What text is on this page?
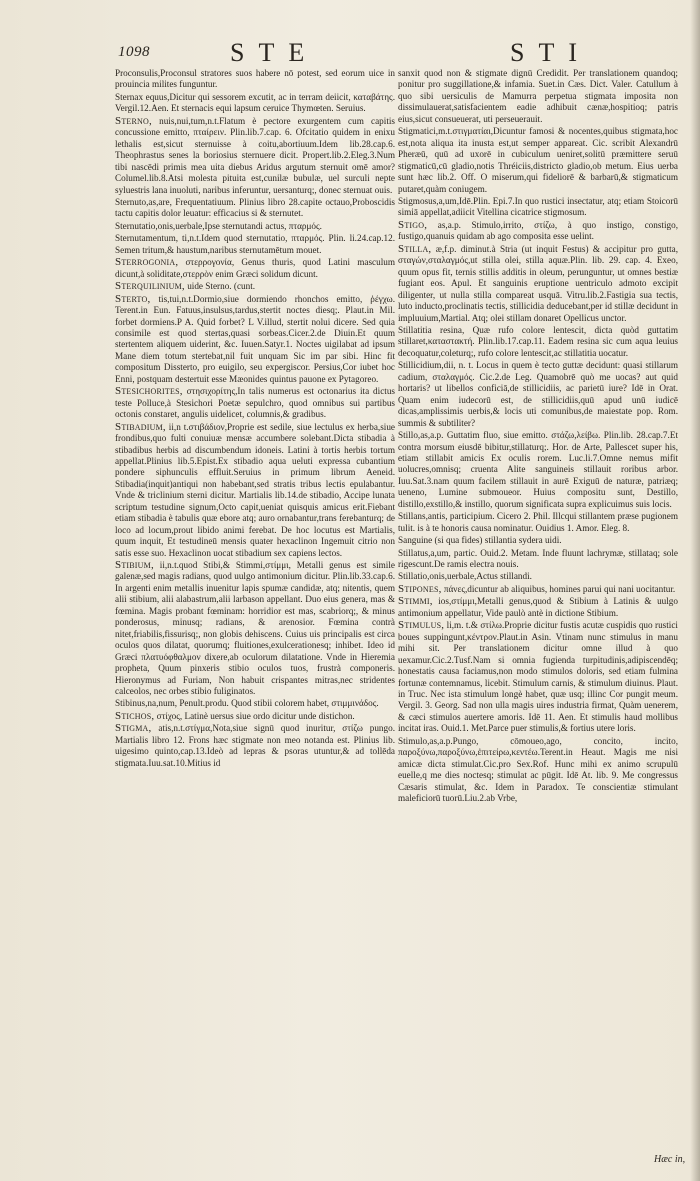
1098	STE	STI
Proconsulis,Proconsul stratores suos habere nō potest, sed eorum uice in prouincia milites funguntur.
Sternax equus,Dicitur qui sessorem excutit, ac in terram deiicit, καταβάτης. Vergil.12.Aen. Et sternacis equi lapsum ceruice Thymœten. Seruius.
Sterno, nuis,nui,tum,n.t.Flatum è pectore exurgentem cum capitis concussione emitto, πταίρειν. Plin.lib.7.cap. 6. Ofcitatio quidem in enixu lethalis est,sicut sternuisse à coitu,abortiuum.Idem lib.28.cap.6. Theophrastus senes la boriosius sternuere dicit. Propert.lib.2.Eleg.3.Num tibi nascēdi primis mea uita diebus Aridus argutum sternuit omē amor? Columel.lib.8.Atsi molesta pituita est,cunilæ bubulæ, uel surculi nepte syluestris lana inuoluti, naribus inferuntur, uersanturq;, donec sternuat ouis.
Sternuto,as,are, Frequentatiuum. Plinius libro 28.capite octauo,Proboscidis tactu capitis dolor leuatur: efficacius si & sternutet.
Sternutatio,onis,uerbale,Ipse sternutandi actus, πταρμός.
Sternutamentum, ti,n.t.Idem quod sternutatio, πταρμός. Plin. li.24.cap.12. Semen tritum,& haustum,naribus sternutamētum mouet.
Sterrogonia, στερρογονία, Genus thuris, quod Latini masculum dicunt,à soliditate,στερρὸν enim Græci solidum dicunt.
Sterquilinium, uide Sterno. (cunt.
Sterto, tis,tui,n.t.Dormio,siue dormiendo rhonchos emitto, ῥέγχω. Terent.in Eun. Fatuus,insulsus,tardus,stertit noctes diesq;. Plaut.in Mil. forbet dormiens.P A. Quid forbet? L V.illud, stertit nolui dicere. Sed quia consimile est quod stertas,quasi sorbeas.Cicer.2.de Diuin.Et quum stertentem aliquem uiderint, &c. Iuuen.Satyr.1. Noctes uigilabat ad ipsum Mane diem totum stertebat,nil fuit unquam Sic im par sibi. Hinc fit compositum Dissterto, pro euigilo, seu expergiscor. Persius,Cor iubet hoc Enni, postquam destertuit esse Mæonides quintus pauone ex Pytagoreo.
Stesichorites, στησιχορίτης,In talis numerus est octonarius ita dictus teste Polluce,à Stesichori Poetæ sepulchro, quod omnibus sui partibus octonis constaret, angulis uidelicet, columnis,& gradibus.
Stibadium, ii,n t.στιβάδιον,Proprie est sedile, siue lectulus ex herba,siue frondibus,quo fulti conuiuæ mensæ accumbere solebant.Dicta stibadia à stibadibus herbis ad discumbendum idoneis. Latini à tortis herbis tortum appellat.Plinius lib.5.Epist.Ex stibadio aqua ueluti expressa cubantium pondere siphunculis effluit.Seruius in primum librum Aeneid. Stibadia(inquit)antiqui non habebant,sed stratis tribus lectis epulabantur. Vnde & triclinium sterni dicitur. Martialis lib.14.de stibadio, Accipe lunata scriptum testudine signum,Octo capit,ueniat quisquis amicus erit.Fiebant etiam stibadia è tabulis quæ ebore atq; auro ornabantur,trans ferebanturq; de loco ad locum,prout libido animi ferebat. De hoc locutus est Martialis, quum inquit, Et testudineū mensis quater hexaclinon Ingemuit citrio non satis esse suo. Hexaclinon uocat stibadium sex capiens lectos.
Stibium, ii,n.t.quod Stibi,& Stimmi,στίμμι, Metalli genus est simile galenæ,sed magis radians, quod uulgo antimonium dicitur. Plin.lib.33.cap.6. In argenti enim metallis inuenitur lapis spumæ candidæ, atq; nitentis, quem alii stibium, alii alabastrum,alii larbason appellant. Duo eius genera, mas & fœmina. Magis probant fœminam: horridior est mas, scabriorq;, & minus ponderosus, minusq; radians, & arenosior. Fœmina contrà nitet,friabilis,fissurisq;, non globis dehiscens. Cuius uis principalis est circa oculos quos dilatat, quorumq; fluitiones,exulcerationesq; inhibet. Ideo id Græci πλατυόφθαλμον dixere,ab oculorum dilatatione. Vnde in Hieremia propheta, Quum pinxeris stibio oculos tuos, frustrà componeris. Hieronymus ad Furiam, Non habuit crispantes mitras,nec stridentes calceolos, nec orbes stibio fuliginatos.
Stibinus,na,num, Penult.produ. Quod stibii colorem habet, στιμμινάδος.
Stichos, στίχος, Latinè uersus siue ordo dicitur unde distichon.
Stigma, atis,n.t.στίγμα,Nota,siue signū quod inuritur, στίζω pungo. Martialis libro 12. Frons hæc stigmate non meo notanda est. Plinius lib. uigesimo quinto,cap.13.Ideò ad lepras & psoras utuntur,& ad tollēda stigmata.Iuu.sat.10.Mitius id
sanxit quod non & stigmate dignū Credidit. Per translationem quandoq; ponitur pro suggillatione,& infamia. Suet.in Cæs. Dict. Valer. Catullum à quo sibi uersiculis de Mamurra perpetua stigmata imposita non dissimulauerat,satisfacientem eadie adhibuit cænæ,hospitioq; patris eius,sicut consueuerat, uti perseuerauit.
Stigmatici,m.t.στιγματίαι,Dicuntur famosi & nocentes,quibus stigmata,hoc est,nota aliqua ita inusta est,ut semper appareat. Cic. scribit Alexandrū Pheræū, quū ad uxorē in cubiculum ueniret,solitū præmittere seruū stigmaticū,cū gladio,notis Thréiciis,districto gladio,ob metum. Eius uerba sunt hæc lib.2. Off. O miserum,qui fideliorē & barbarū,& stigmaticum putaret,quàm coniugem.
Stigmosus,a,um,Idē.Plin. Epi.7.In quo rustici insectatur, atq; etiam Stoicorū simiā appellat,adiicit Vitellina cicatrice stigmosum.
Stigo, as,a.p. Stimulo,irrito, στίζω, à quo instigo, constigo, fustigo,quanuis quidam ab ago composita esse uelint.
Stilla, æ,f.p. diminut.à Stria (ut inquit Festus) & accipitur pro gutta, σταγών,σταλαγμός,ut stilla olei, stilla aquæ.Plin. lib. 29. cap. 4. Exeo, quum opus fit, ternis stillis additis in oleum, perunguntur, ut omnes bestiæ fugiant eos. Apul. Et sanguinis eruptione uentriculo admoto excipit diligenter, ut nulla stilla compareat usquā. Vitru.lib.2.Fastigia sua tectis, luto inducto,proclinatis tectis, stillicidia deducebant,per id stillæ decidunt in impluuium,Martial. Atq; olei stillam donaret Opellicus unctor.
Stillatitia resina, Quæ rufo colore lentescit, dicta quòd guttatim stillaret,καταστακτή. Plin.lib.17.cap.11. Eadem resina sic cum aqua leuius decoquatur,coleturq;, rufo colore lentescit,ac stillatitia uocatur.
Stillicidium,dii, n. t. Locus in quem è tecto guttæ decidunt: quasi stillarum cadium, σταλαγμός. Cic.2.de Leg. Quamobrē quò me uocas? aut quid hortaris? ut libellos conficiā,de stillicidiis, ac parietū iure? Idē in Orat. Quam enim iudecorū est, de stillicidiis,quū apud unū iudicē dicas,amplissimis uerbis,& locis uti comunibus,de maiestate pop. Rom. summis & subtiliter?
Stillo,as,a.p. Guttatim fluo, siue emitto. στάζω,λείβω. Plin.lib. 28.cap.7.Et contra morsum eiusdē bibitur,stillaturq;. Hor. de Arte, Pallescet super his, etiam stillabit amicis Ex oculis rorem. Luc.li.7.Omne nemus mifit uolucres,omnisq; cruenta Alite sanguineis stillauit roribus arbor. Iuu.Sat.3.nam quum facilem stillauit in aurē Exiguū de naturæ, patriæq; ueneno, Lumine submoueor. Huius compositu sunt, Destillo, distillo,exstillo,& instillo, quorum significata supra explicuimus suis locis.
Stillans,antis, participium. Cicero 2. Phil. Illcqui stillantem præse pugionem tulit. is à te honoris causa nominatur. Ouidius 1. Amor. Eleg. 8.
Sanguine (si qua fides) stillantia sydera uidi.
Stillatus,a,um, partic. Ouid.2. Metam. Inde fluunt lachrymæ, stillataq; sole rigescunt.De ramis electra nouis.
Stillatio,onis,uerbale,Actus stillandi.
Stipones, πάνες,dicuntur ab aliquibus, homines parui qui nani uocitantur.
Stimmi, ios,στίμμι,Metalli genus,quod & Stibium à Latinis & uulgo antimonium appellatur, Vide paulò antè in dictione Stibium.
Stimulus, li,m. t.& στίλω.Proprie dicitur fustis acutæ cuspidis quo rustici boues suppingunt,κέντρον.Plaut.in Asin. Vtinam nunc stimulus in manu mihi sit. Per translationem dicitur omne illud à quo uexamur.Cic.2.Tusf.Nam si omnia fugienda turpitudinis,adipiscendēq; honestatis causa faciamus,non modo stimulos doloris, sed etiam fulmina fortunæ contemnamus, licebit. Stimulum carnis, & stimulum diuinus. Plaut. in Truc. Nec ista stimulum longè habet, quæ usq; illinc Cor pungit meum. Vergil. 3. Georg. Sad non ulla magis uires industria firmat, Quàm uenerem, & cæci stimulos auertere amoris. Idē 11. Aen. Et stimulis haud mollibus incitat iras. Ouid.1. Met.Parce puer stimulis,& fortius utere loris.
Stimulo,as,a.p.Pungo, cōmoueo,ago, concito, incito, παροξύνω,παροξύνω,ἐπιτείρω,κεντέω.Terent.in Heaut. Magis me nisi amicæ dicta stimulat.Cic.pro Sex.Rof. Hunc mihi ex animo scrupulū euelle,q me dies noctesq; stimulat ac pūgit. Idē At. lib. 9. Me congressus Cæsaris stimulat, &c. Idem in Paradox. Te conscientiæ stimulant maleficiorū tuorū.Liu.2.ab Vrbe,
Hæc in,
